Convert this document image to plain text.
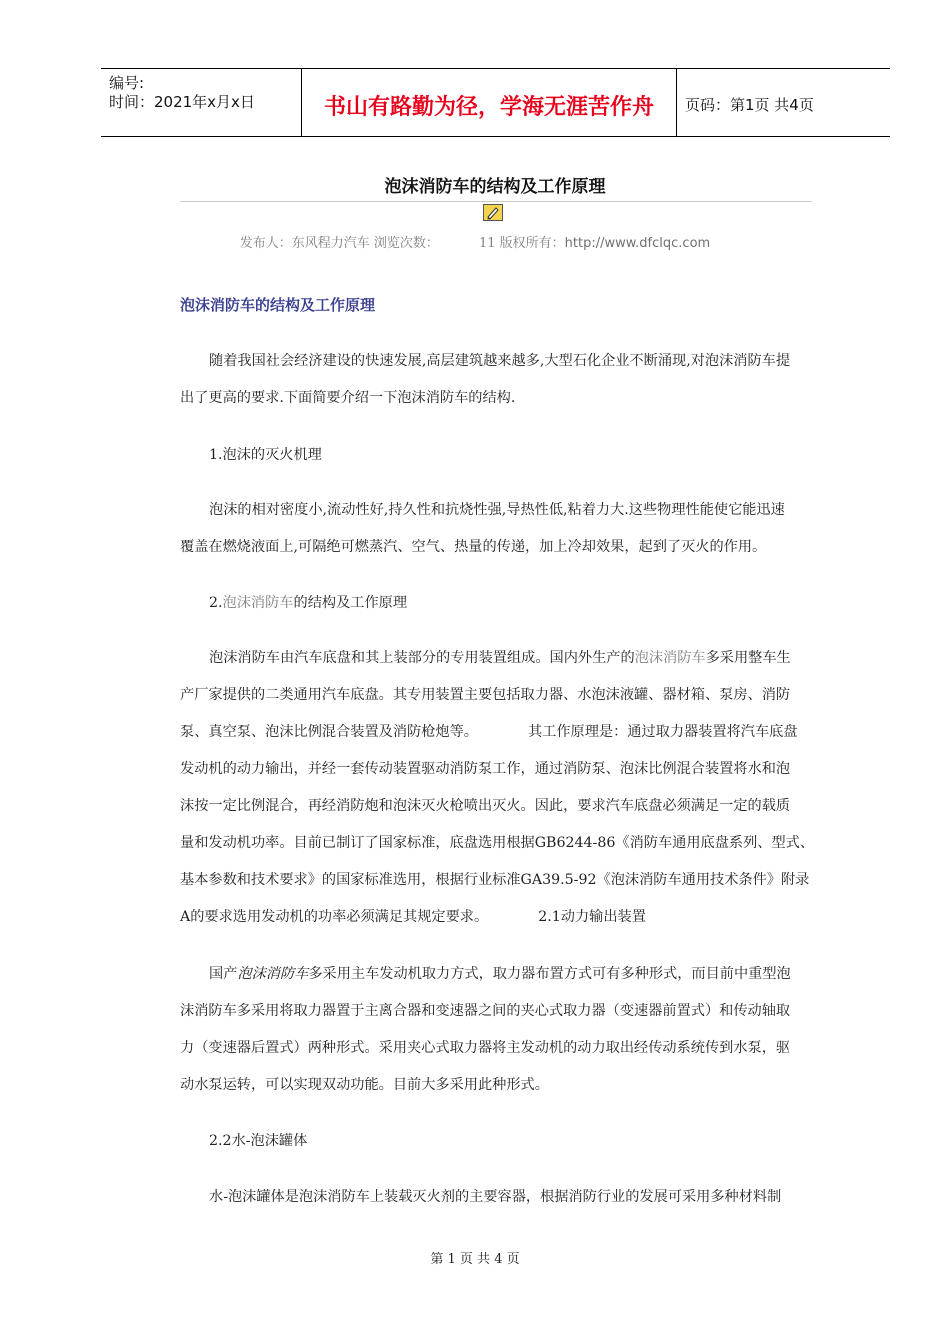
编号:
时间：2021年x月x日	书山有路勤为径，学海无涯苦作舟	页码：第1页 共4页
泡沫消防车的结构及工作原理
发布人：东风程力汽车 浏览次数：	11 版权所有：http://www.dfclqc.com
泡沫消防车的结构及工作原理
随着我国社会经济建设的快速发展,高层建筑越来越多,大型石化企业不断涌现,对泡沫消防车提
出了更高的要求.下面简要介绍一下泡沫消防车的结构.
1.泡沫的灭火机理
泡沫的相对密度小,流动性好,持久性和抗烧性强,导热性低,粘着力大.这些物理性能使它能迅速
覆盖在燃烧液面上,可隔绝可燃蒸汽、空气、热量的传递，加上冷却效果，起到了灭火的作用。
2.泡沫消防车的结构及工作原理
泡沫消防车由汽车底盘和其上装部分的专用装置组成。国内外生产的泡沫消防车多采用整车生
产厂家提供的二类通用汽车底盘。其专用装置主要包括取力器、水泡沫液罐、器材箱、泵房、消防
泵、真空泵、泡沫比例混合装置及消防枪炮等。	其工作原理是：通过取力器装置将汽车底盘
发动机的动力输出，并经一套传动装置驱动消防泵工作，通过消防泵、泡沫比例混合装置将水和泡
沫按一定比例混合，再经消防炮和泡沫灭火枪喷出灭火。因此，要求汽车底盘必须满足一定的载质
量和发动机功率。目前已制订了国家标准，底盘选用根据GB6244-86《消防车通用底盘系列、型式、
基本参数和技术要求》的国家标准选用，根据行业标准GA39.5-92《泡沫消防车通用技术条件》附录
A的要求选用发动机的功率必须满足其规定要求。	2.1动力输出装置
国产泡沫消防车多采用主车发动机取力方式，取力器布置方式可有多种形式，而目前中重型泡
沫消防车多采用将取力器置于主离合器和变速器之间的夹心式取力器（变速器前置式）和传动轴取
力（变速器后置式）两种形式。采用夹心式取力器将主发动机的动力取出经传动系统传到水泵，驱
动水泵运转，可以实现双动功能。目前大多采用此种形式。
2.2水-泡沫罐体
水-泡沫罐体是泡沫消防车上装载灭火剂的主要容器，根据消防行业的发展可采用多种材料制
第 1 页 共 4 页
